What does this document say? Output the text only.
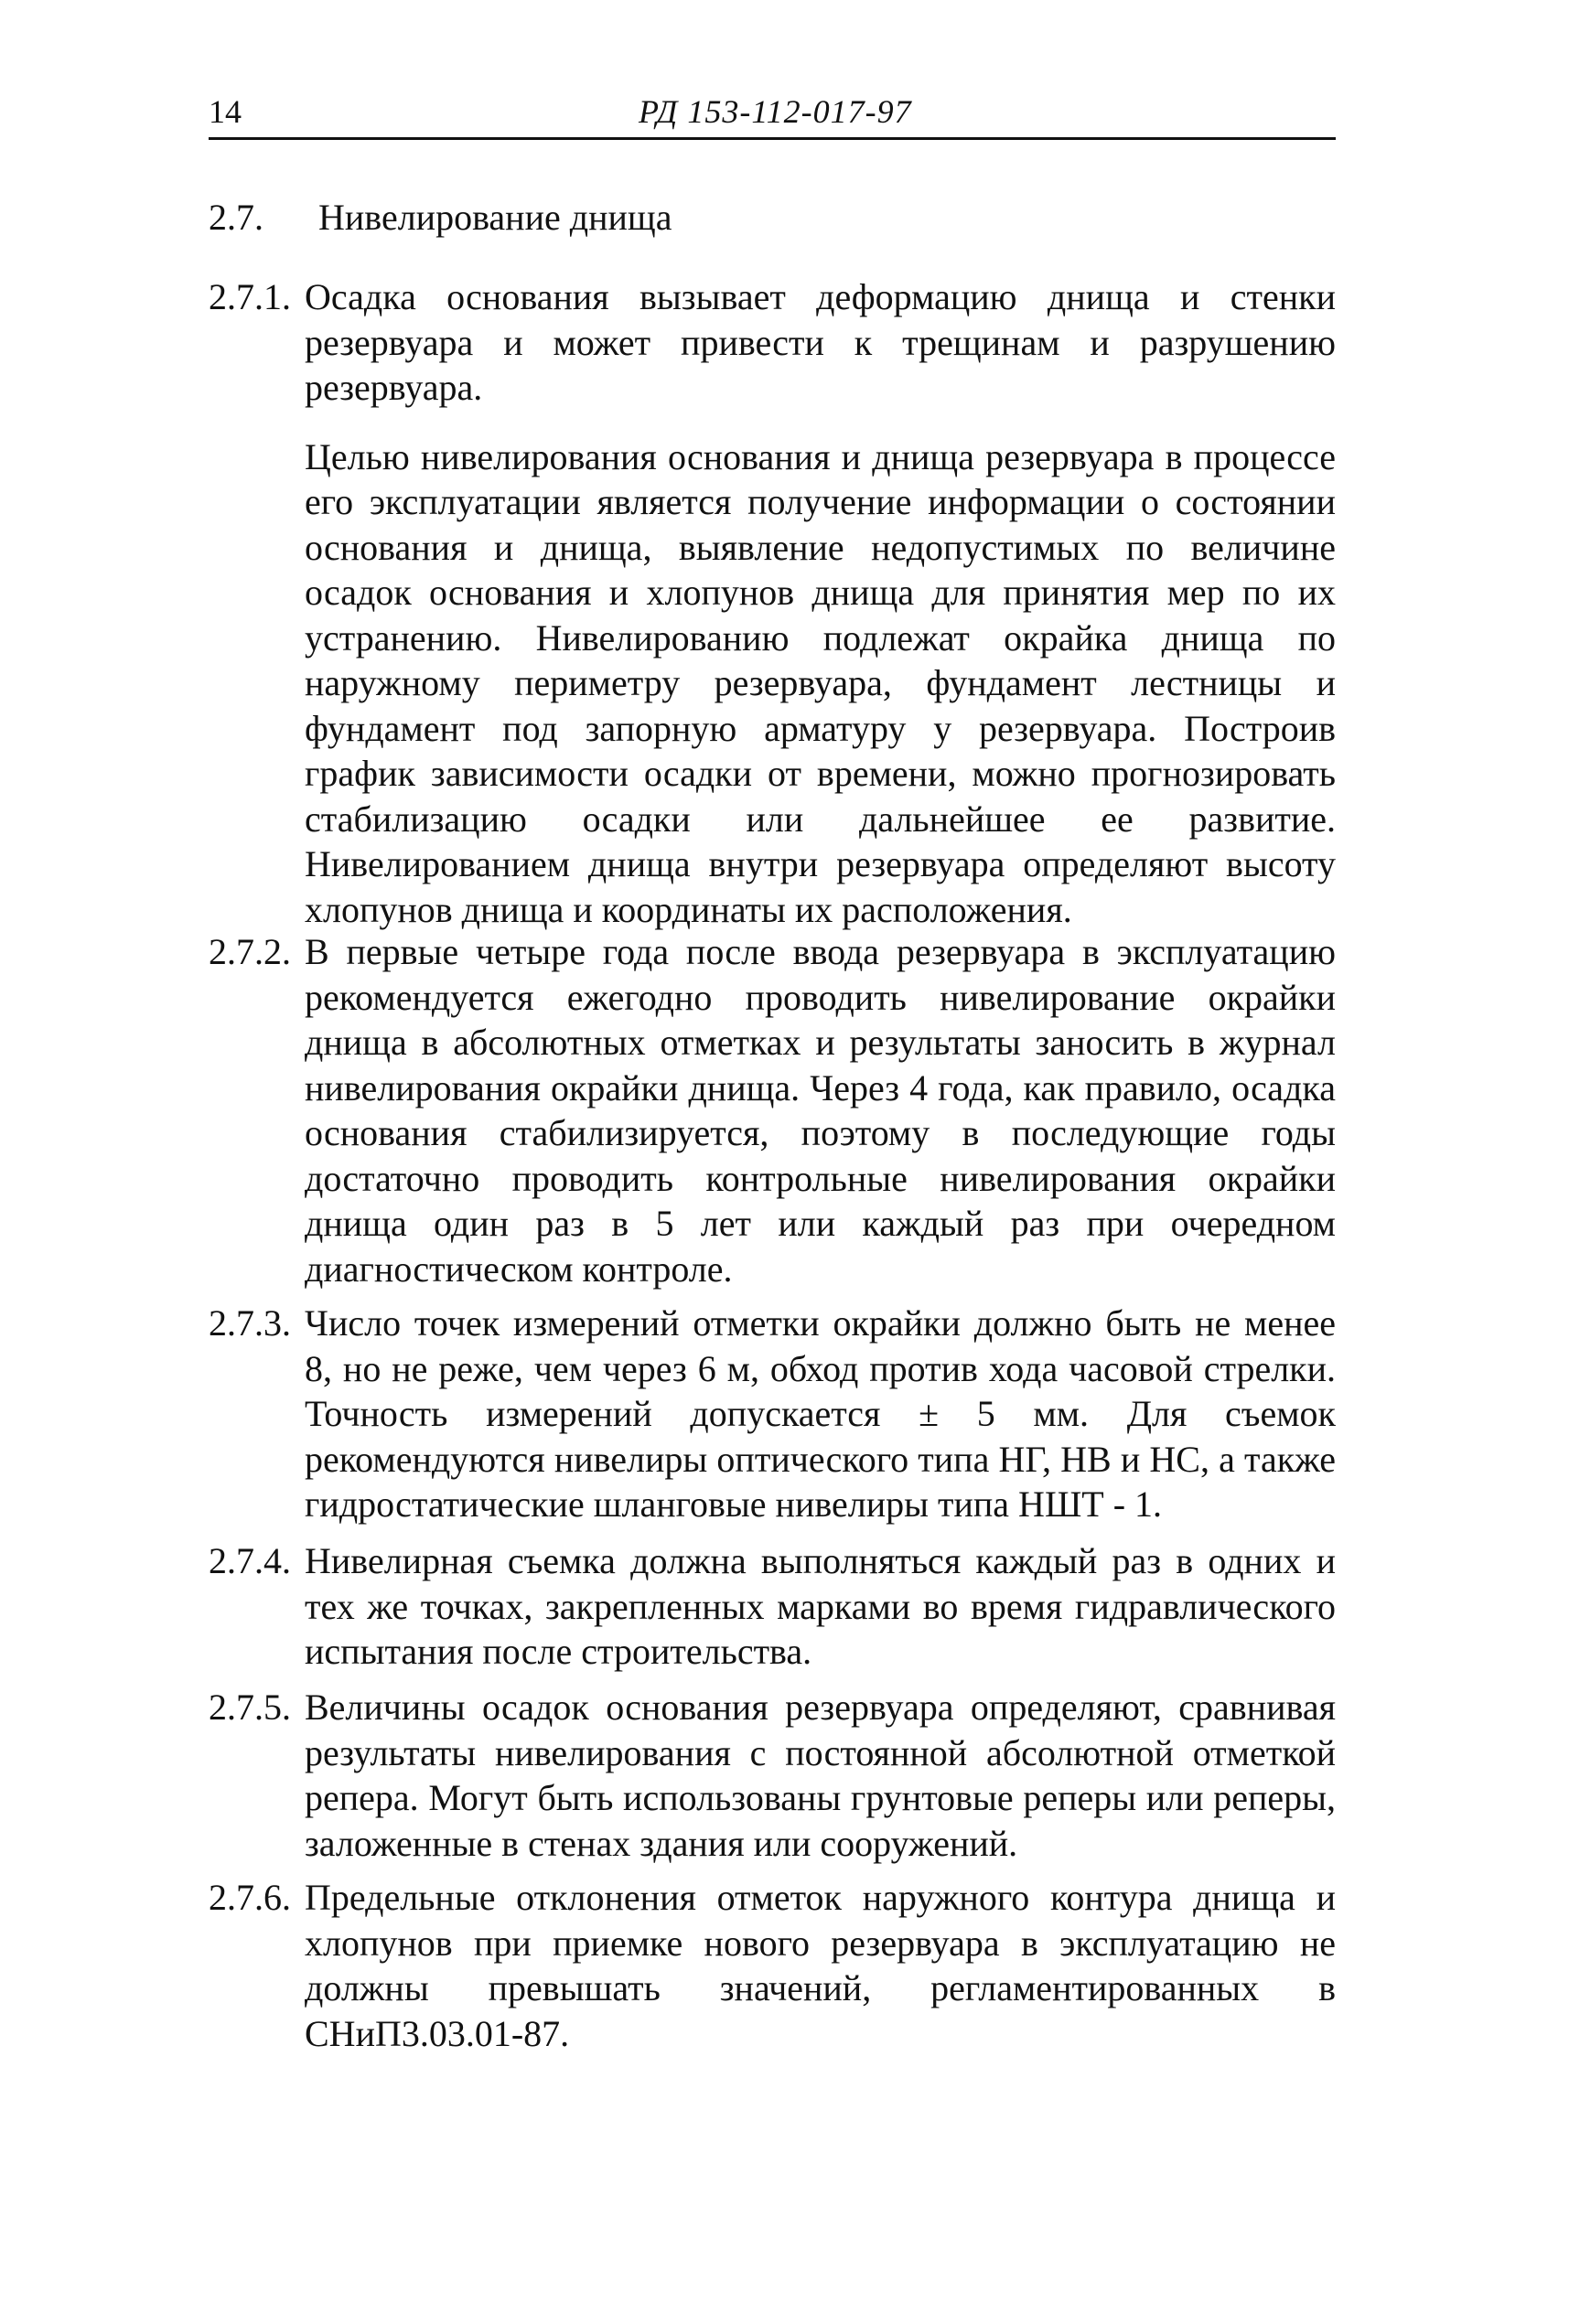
14	РД 153-112-017-97
2.7. Нивелирование днища
2.7.1. Осадка основания вызывает деформацию днища и стенки резервуара и может привести к трещинам и разрушению резервуара.
Целью нивелирования основания и днища резервуара в процессе его эксплуатации является получение информации о состоянии основания и днища, выявление недопустимых по величине осадок основания и хлопунов днища для принятия мер по их устранению. Нивелированию подлежат окрайка днища по наружному периметру резервуара, фундамент лестницы и фундамент под запорную арматуру у резервуара. Построив график зависимости осадки от времени, можно прогнозировать стабилизацию осадки или дальнейшее ее развитие. Нивелированием днища внутри резервуара определяют высоту хлопунов днища и координаты их расположения.
2.7.2. В первые четыре года после ввода резервуара в эксплуатацию рекомендуется ежегодно проводить нивелирование окрайки днища в абсолютных отметках и результаты заносить в журнал нивелирования окрайки днища. Через 4 года, как правило, осадка основания стабилизируется, поэтому в последующие годы достаточно проводить контрольные нивелирования окрайки днища один раз в 5 лет или каждый раз при очередном диагностическом контроле.
2.7.3. Число точек измерений отметки окрайки должно быть не менее 8, но не реже, чем через 6 м, обход против хода часовой стрелки. Точность измерений допускается ± 5 мм. Для съемок рекомендуются нивелиры оптического типа НГ, НВ и НС, а также гидростатические шланговые нивелиры типа НШТ - 1.
2.7.4. Нивелирная съемка должна выполняться каждый раз в одних и тех же точках, закрепленных марками во время гидравлического испытания после строительства.
2.7.5. Величины осадок основания резервуара определяют, сравнивая результаты нивелирования с постоянной абсолютной отметкой репера. Могут быть использованы грунтовые реперы или реперы, заложенные в стенах здания или сооружений.
2.7.6. Предельные отклонения отметок наружного контура днища и хлопунов при приемке нового резервуара в эксплуатацию не должны превышать значений, регламентированных в СНиП3.03.01-87.
